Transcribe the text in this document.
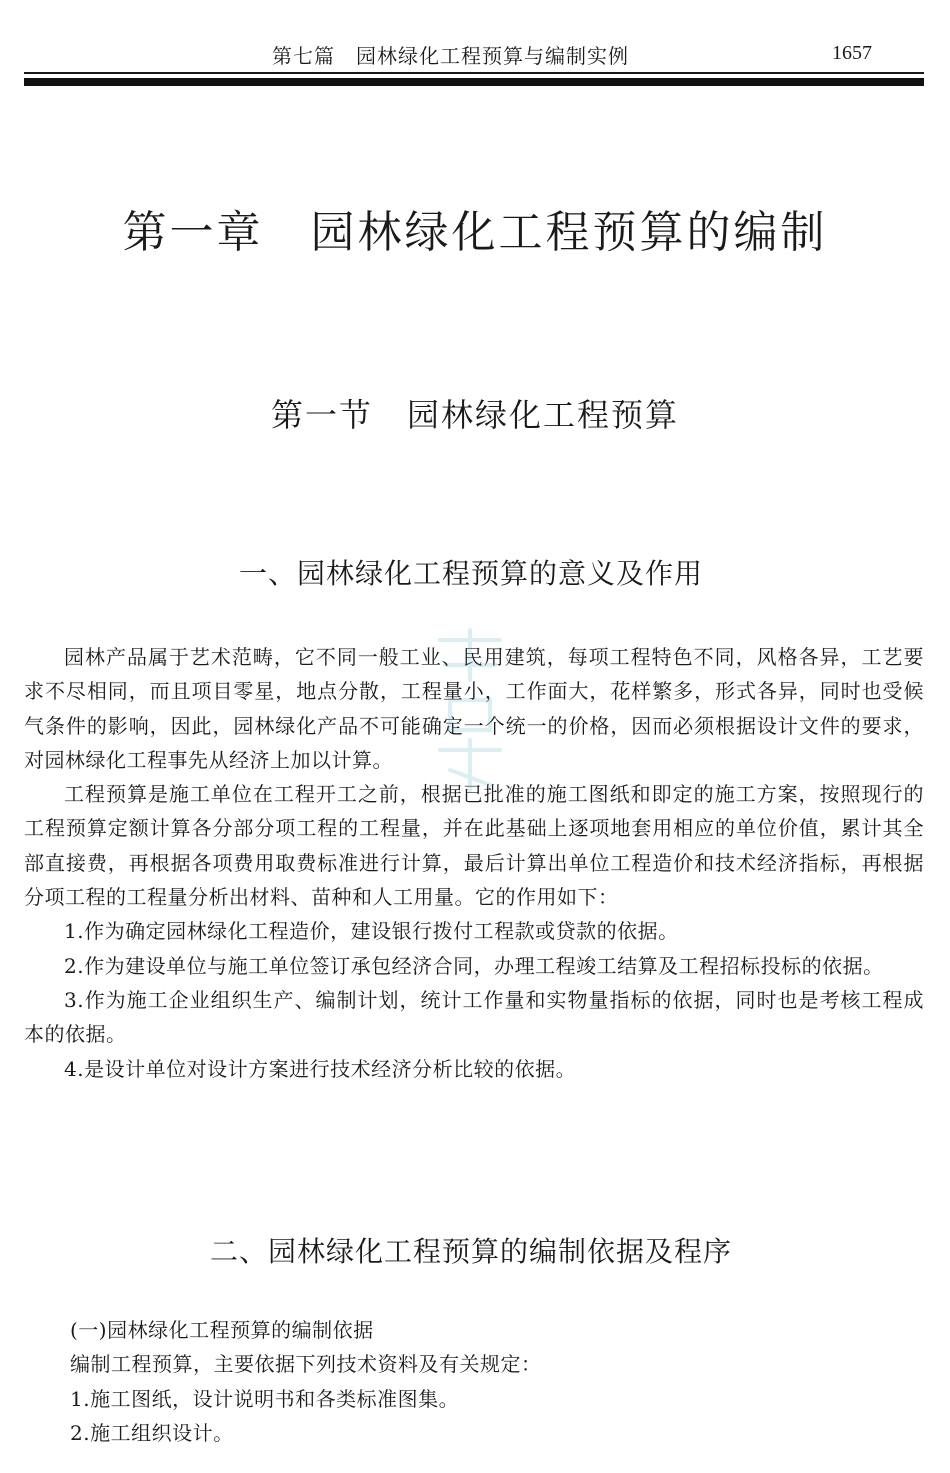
第七篇　园林绿化工程预算与编制实例	1657
第一章　园林绿化工程预算的编制
第一节　园林绿化工程预算
一、园林绿化工程预算的意义及作用

园林产品属于艺术范畴，它不同一般工业、民用建筑，每项工程特色不同，风格各异，工艺要求不尽相同，而且项目零星，地点分散，工程量小，工作面大，花样繁多，形式各异，同时也受候气条件的影响，因此，园林绿化产品不可能确定一个统一的价格，因而必须根据设计文件的要求，对园林绿化工程事先从经济上加以计算。

工程预算是施工单位在工程开工之前，根据已批准的施工图纸和即定的施工方案，按照现行的工程预算定额计算各分部分项工程的工程量，并在此基础上逐项地套用相应的单位价值，累计其全部直接费，再根据各项费用取费标准进行计算，最后计算出单位工程造价和技术经济指标，再根据分项工程的工程量分析出材料、苗种和人工用量。它的作用如下：

1.作为确定园林绿化工程造价，建设银行拨付工程款或贷款的依据。

2.作为建设单位与施工单位签订承包经济合同，办理工程竣工结算及工程招标投标的依据。

3.作为施工企业组织生产、编制计划，统计工作量和实物量指标的依据，同时也是考核工程成本的依据。

4.是设计单位对设计方案进行技术经济分析比较的依据。

二、园林绿化工程预算的编制依据及程序

(一)园林绿化工程预算的编制依据

编制工程预算，主要依据下列技术资料及有关规定：

1.施工图纸，设计说明书和各类标准图集。

2.施工组织设计。
